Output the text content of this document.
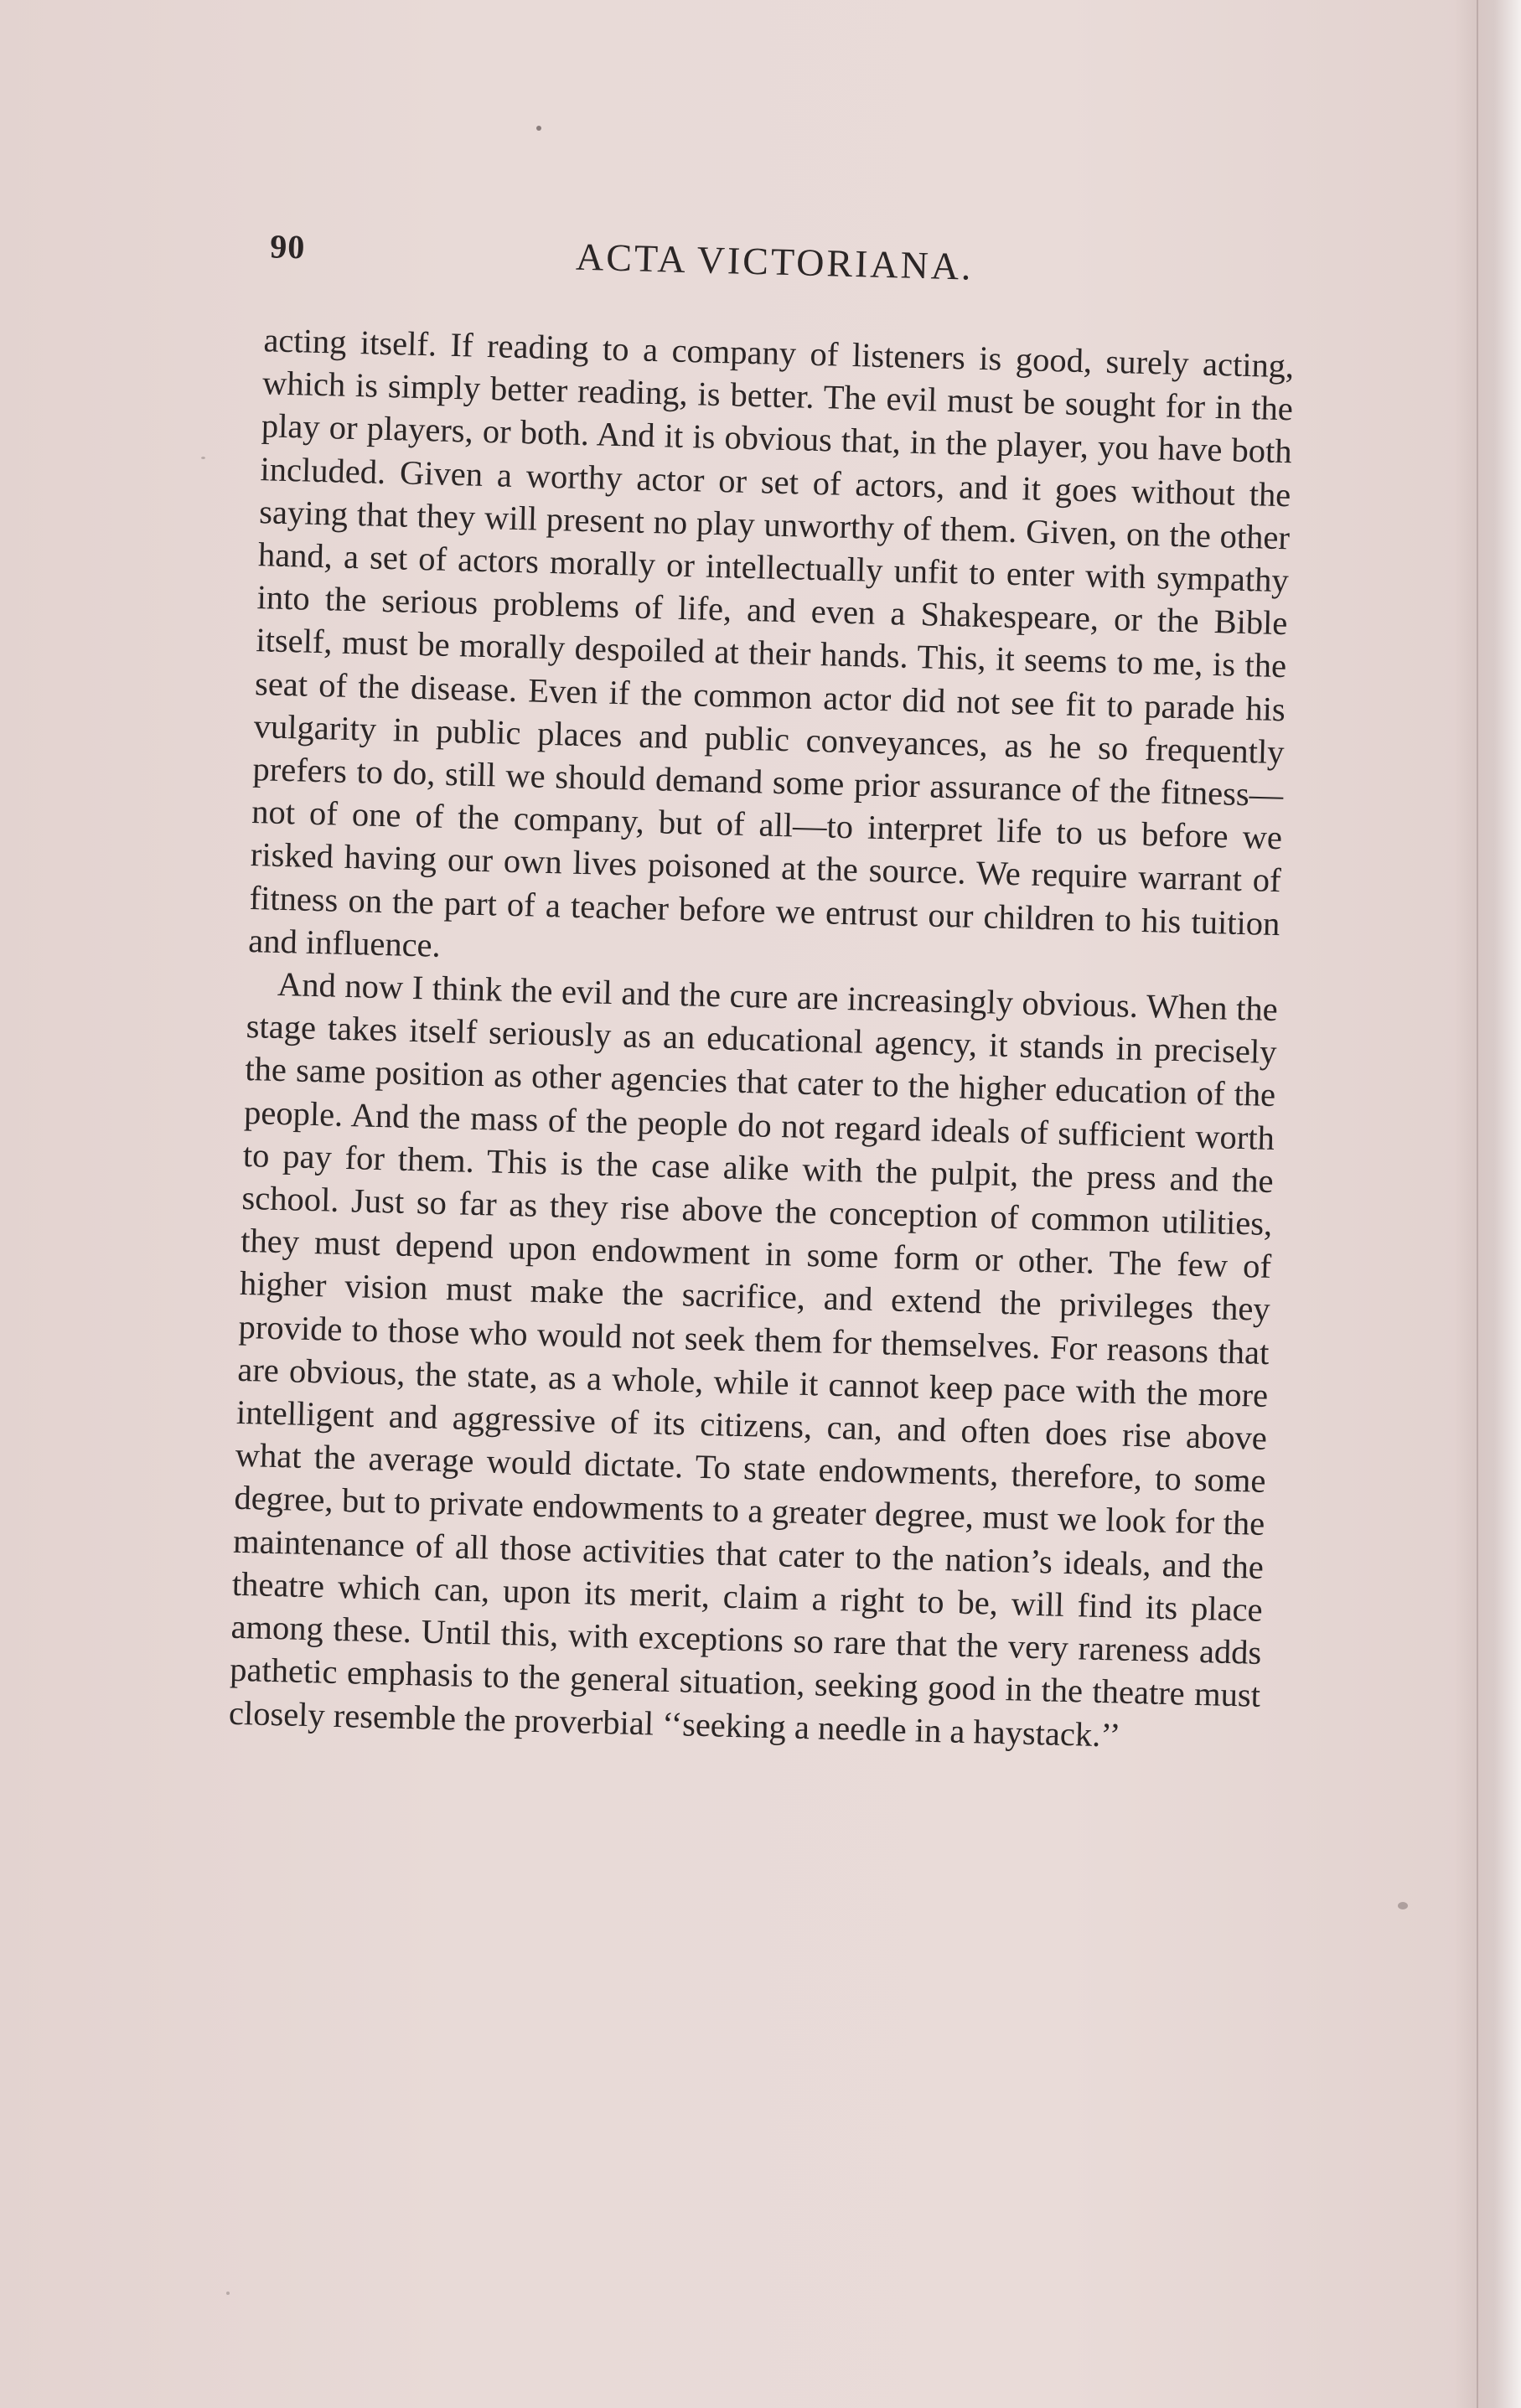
90	ACTA VICTORIANA.

acting itself. If reading to a company of listeners is good, surely acting, which is simply better reading, is better. The evil must be sought for in the play or players, or both. And it is obvious that, in the player, you have both included. Given a worthy actor or set of actors, and it goes without the saying that they will present no play unworthy of them. Given, on the other hand, a set of actors morally or intellectually unfit to enter with sympathy into the serious problems of life, and even a Shakespeare, or the Bible itself, must be morally despoiled at their hands. This, it seems to me, is the seat of the disease. Even if the common actor did not see fit to parade his vulgarity in public places and public conveyances, as he so frequently prefers to do, still we should demand some prior assurance of the fitness—not of one of the company, but of all—to interpret life to us before we risked having our own lives poisoned at the source. We require warrant of fitness on the part of a teacher before we entrust our children to his tuition and influence.

And now I think the evil and the cure are increasingly obvious. When the stage takes itself seriously as an educational agency, it stands in precisely the same position as other agencies that cater to the higher education of the people. And the mass of the people do not regard ideals of sufficient worth to pay for them. This is the case alike with the pulpit, the press and the school. Just so far as they rise above the conception of common utilities, they must depend upon endowment in some form or other. The few of higher vision must make the sacrifice, and extend the privileges they provide to those who would not seek them for themselves. For reasons that are obvious, the state, as a whole, while it cannot keep pace with the more intelligent and aggressive of its citizens, can, and often does rise above what the average would dictate. To state endowments, therefore, to some degree, but to private endowments to a greater degree, must we look for the maintenance of all those activities that cater to the nation’s ideals, and the theatre which can, upon its merit, claim a right to be, will find its place among these. Until this, with exceptions so rare that the very rareness adds pathetic emphasis to the general situation, seeking good in the theatre must closely resemble the proverbial ‘‘seeking a needle in a haystack.’’
